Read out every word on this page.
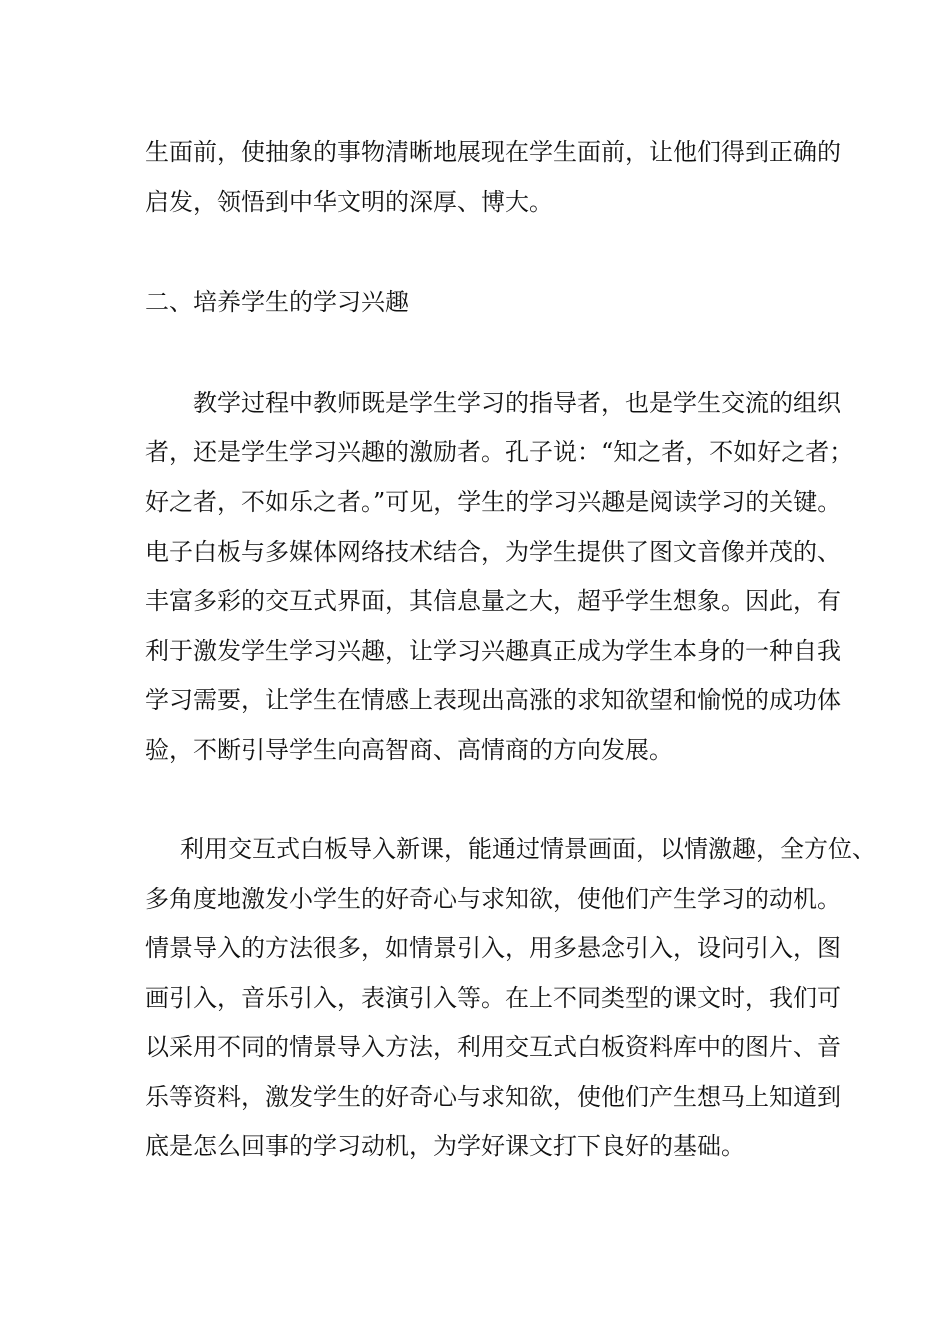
生面前，使抽象的事物清晰地展现在学生面前，让他们得到正确的
启发，领悟到中华文明的深厚、博大。
二、培养学生的学习兴趣
教学过程中教师既是学生学习的指导者，也是学生交流的组织
者，还是学生学习兴趣的激励者。孔子说：“知之者，不如好之者；
好之者，不如乐之者。”可见，学生的学习兴趣是阅读学习的关键。
电子白板与多媒体网络技术结合，为学生提供了图文音像并茂的、
丰富多彩的交互式界面，其信息量之大，超乎学生想象。因此，有
利于激发学生学习兴趣，让学习兴趣真正成为学生本身的一种自我
学习需要，让学生在情感上表现出高涨的求知欲望和愉悦的成功体
验，不断引导学生向高智商、高情商的方向发展。
利用交互式白板导入新课，能通过情景画面，以情激趣，全方位、
多角度地激发小学生的好奇心与求知欲，使他们产生学习的动机。
情景导入的方法很多，如情景引入，用多悬念引入，设问引入，图
画引入，音乐引入，表演引入等。在上不同类型的课文时，我们可
以采用不同的情景导入方法，利用交互式白板资料库中的图片、音
乐等资料，激发学生的好奇心与求知欲，使他们产生想马上知道到
底是怎么回事的学习动机，为学好课文打下良好的基础。
